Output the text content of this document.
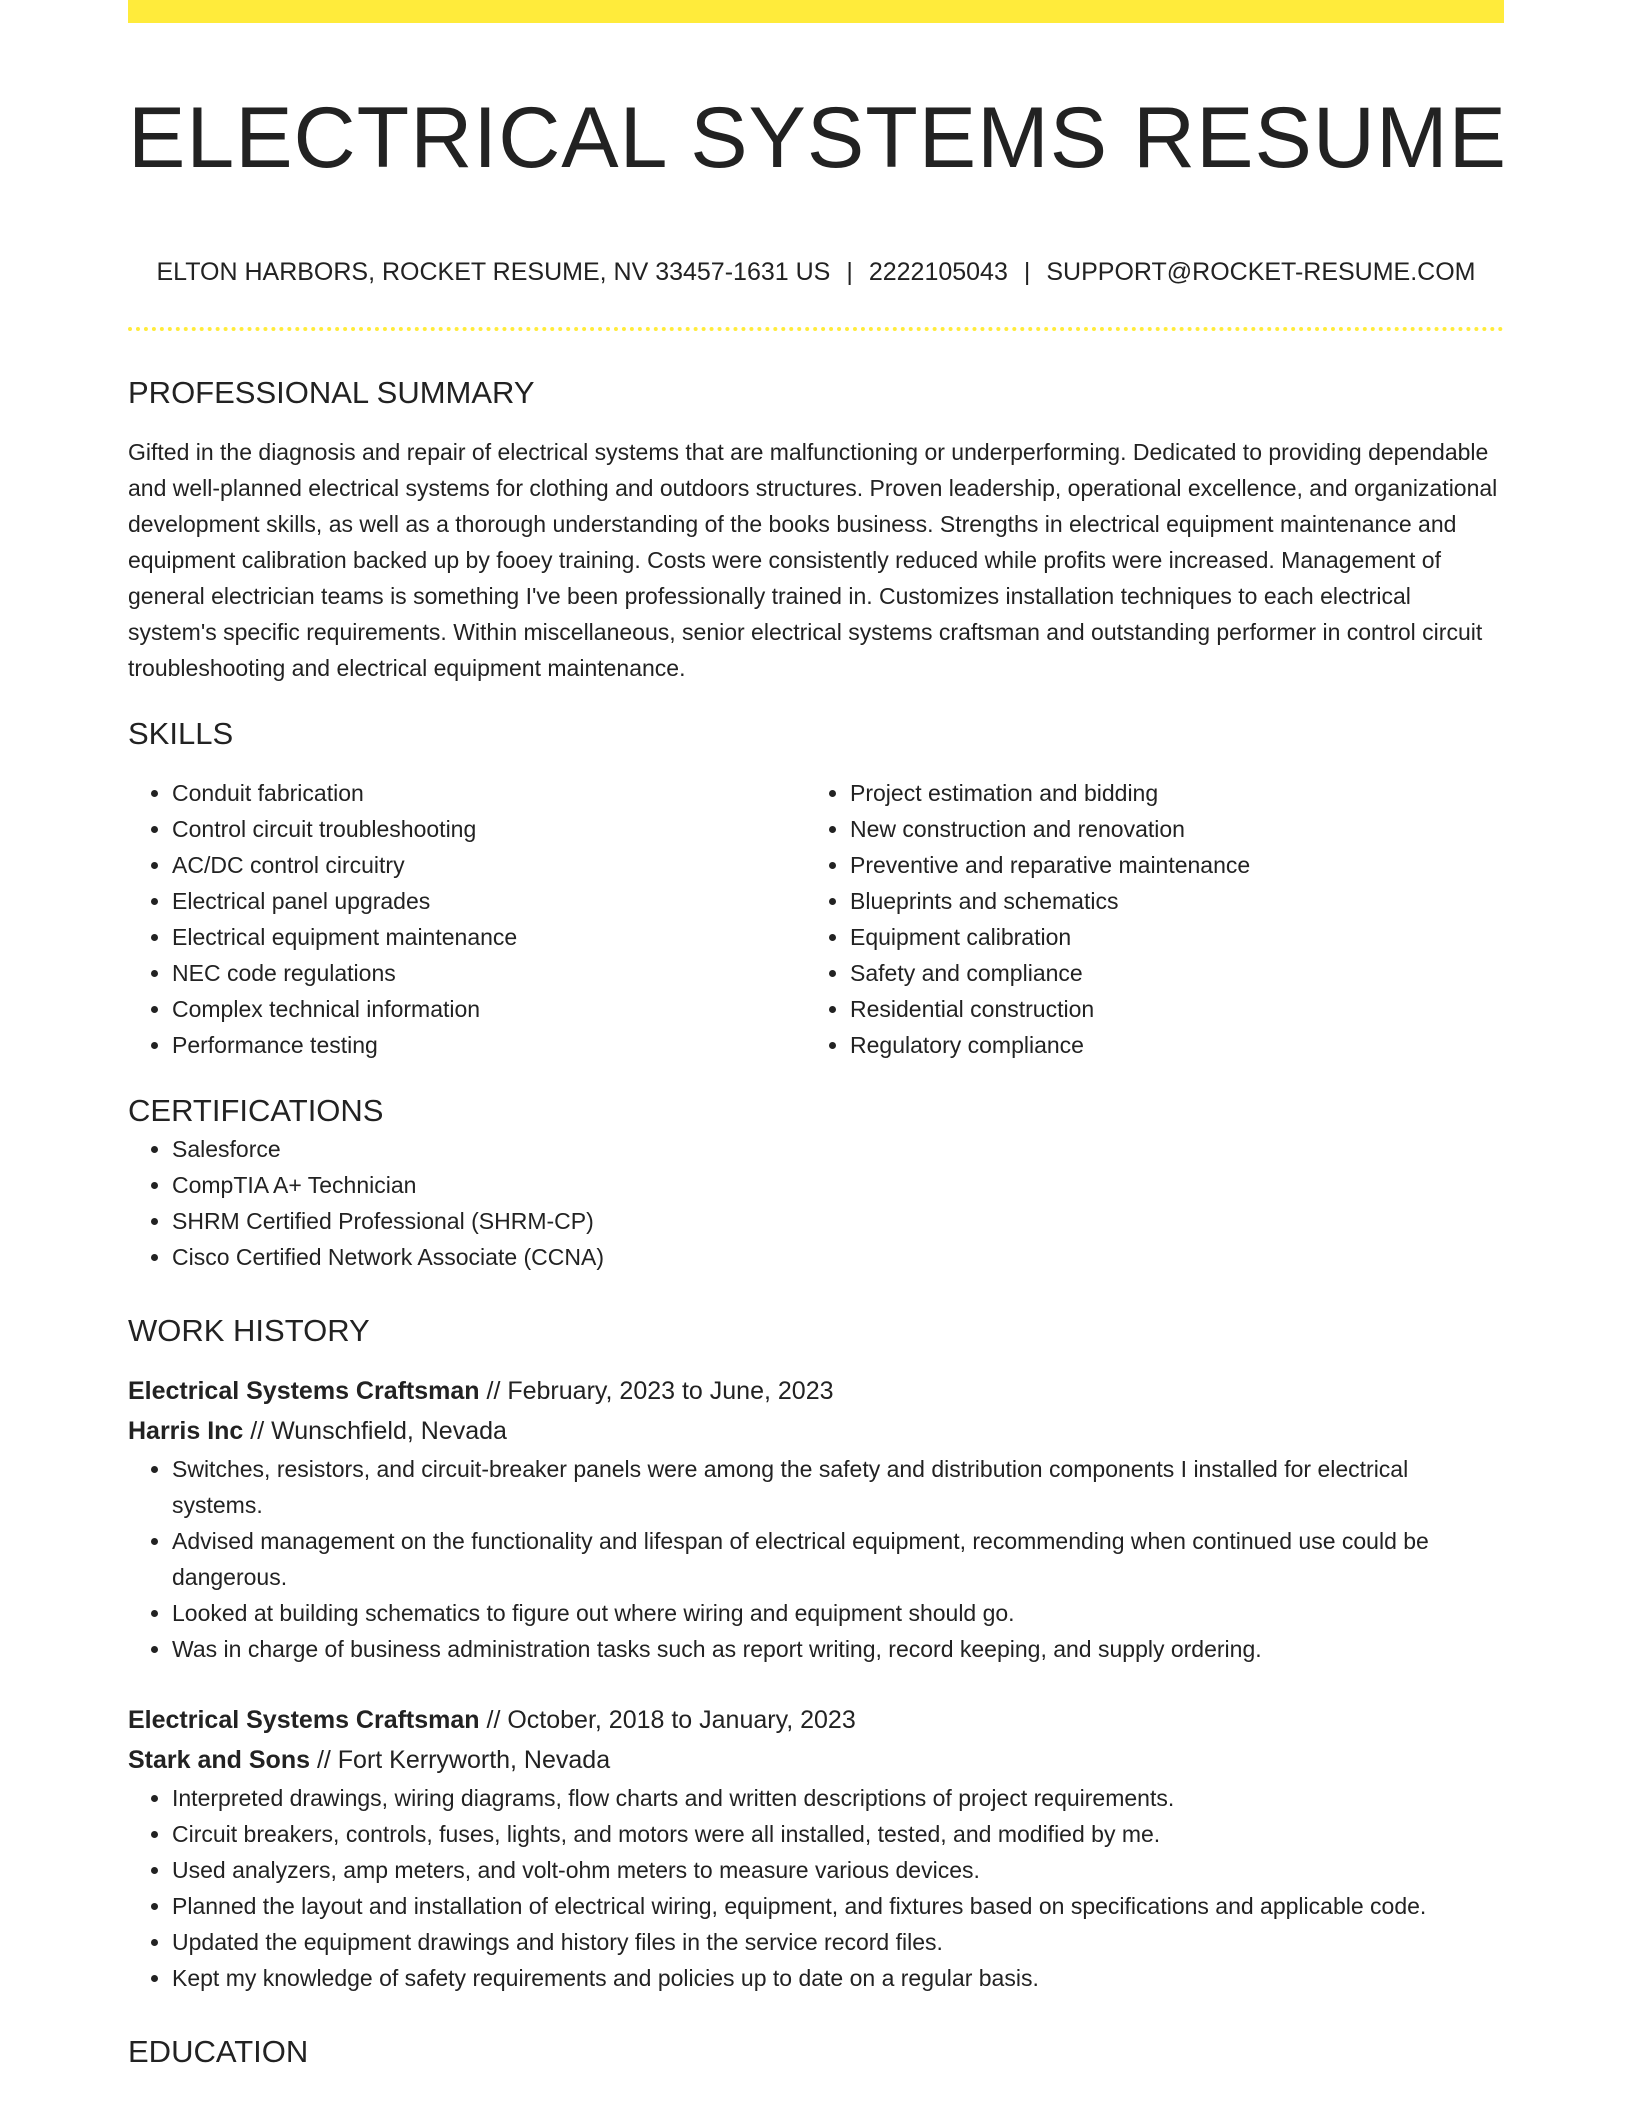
ELECTRICAL SYSTEMS RESUME
ELTON HARBORS, ROCKET RESUME, NV 33457-1631 US | 2222105043 | SUPPORT@ROCKET-RESUME.COM
PROFESSIONAL SUMMARY

Gifted in the diagnosis and repair of electrical systems that are malfunctioning or underperforming. Dedicated to providing dependable and well-planned electrical systems for clothing and outdoors structures. Proven leadership, operational excellence, and organizational development skills, as well as a thorough understanding of the books business. Strengths in electrical equipment maintenance and equipment calibration backed up by fooey training. Costs were consistently reduced while profits were increased. Management of general electrician teams is something I've been professionally trained in. Customizes installation techniques to each electrical system's specific requirements. Within miscellaneous, senior electrical systems craftsman and outstanding performer in control circuit troubleshooting and electrical equipment maintenance.

SKILLS
• Conduit fabrication
• Control circuit troubleshooting
• AC/DC control circuitry
• Electrical panel upgrades
• Electrical equipment maintenance
• NEC code regulations
• Complex technical information
• Performance testing
• Project estimation and bidding
• New construction and renovation
• Preventive and reparative maintenance
• Blueprints and schematics
• Equipment calibration
• Safety and compliance
• Residential construction
• Regulatory compliance
CERTIFICATIONS
• Salesforce
• CompTIA A+ Technician
• SHRM Certified Professional (SHRM-CP)
• Cisco Certified Network Associate (CCNA)
WORK HISTORY
Electrical Systems Craftsman // February, 2023 to June, 2023
Harris Inc // Wunschfield, Nevada
• Switches, resistors, and circuit-breaker panels were among the safety and distribution components I installed for electrical systems.
• Advised management on the functionality and lifespan of electrical equipment, recommending when continued use could be dangerous.
• Looked at building schematics to figure out where wiring and equipment should go.
• Was in charge of business administration tasks such as report writing, record keeping, and supply ordering.
Electrical Systems Craftsman // October, 2018 to January, 2023
Stark and Sons // Fort Kerryworth, Nevada
• Interpreted drawings, wiring diagrams, flow charts and written descriptions of project requirements.
• Circuit breakers, controls, fuses, lights, and motors were all installed, tested, and modified by me.
• Used analyzers, amp meters, and volt-ohm meters to measure various devices.
• Planned the layout and installation of electrical wiring, equipment, and fixtures based on specifications and applicable code.
• Updated the equipment drawings and history files in the service record files.
• Kept my knowledge of safety requirements and policies up to date on a regular basis.
EDUCATION
